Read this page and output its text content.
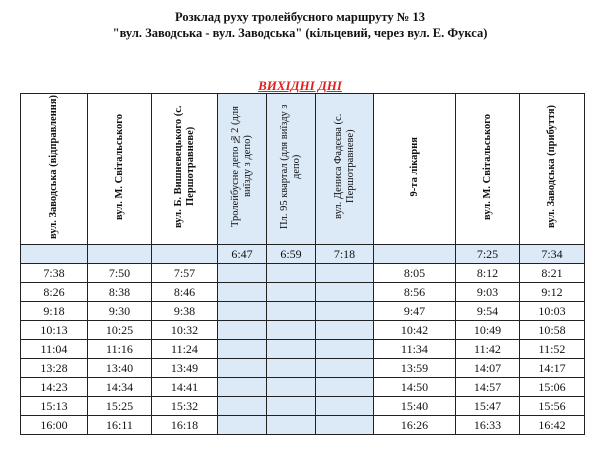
Розклад руху тролейбусного маршруту № 13
"вул. Заводська - вул. Заводська" (кільцевий, через вул. Е. Фукса)
ВИХІДНІ ДНІ
вул. Заводська (відправлення)	вул. М. Світальського	вул. Б. Вишневецького (с. Першотравневе)	Тролейбусне депо №2 (для виїзду з депо)	Пл. 95 квартал (для виїзду з депо)	вул. Дениса Фадєєва (с. Першотравневе)	9-та лікарня	вул. М. Світальського	вул. Заводська (прибуття)
			6:47	6:59	7:18		7:25	7:34
7:38	7:50	7:57				8:05	8:12	8:21
8:26	8:38	8:46				8:56	9:03	9:12
9:18	9:30	9:38				9:47	9:54	10:03
10:13	10:25	10:32				10:42	10:49	10:58
11:04	11:16	11:24				11:34	11:42	11:52
13:28	13:40	13:49				13:59	14:07	14:17
14:23	14:34	14:41				14:50	14:57	15:06
15:13	15:25	15:32				15:40	15:47	15:56
16:00	16:11	16:18				16:26	16:33	16:42
